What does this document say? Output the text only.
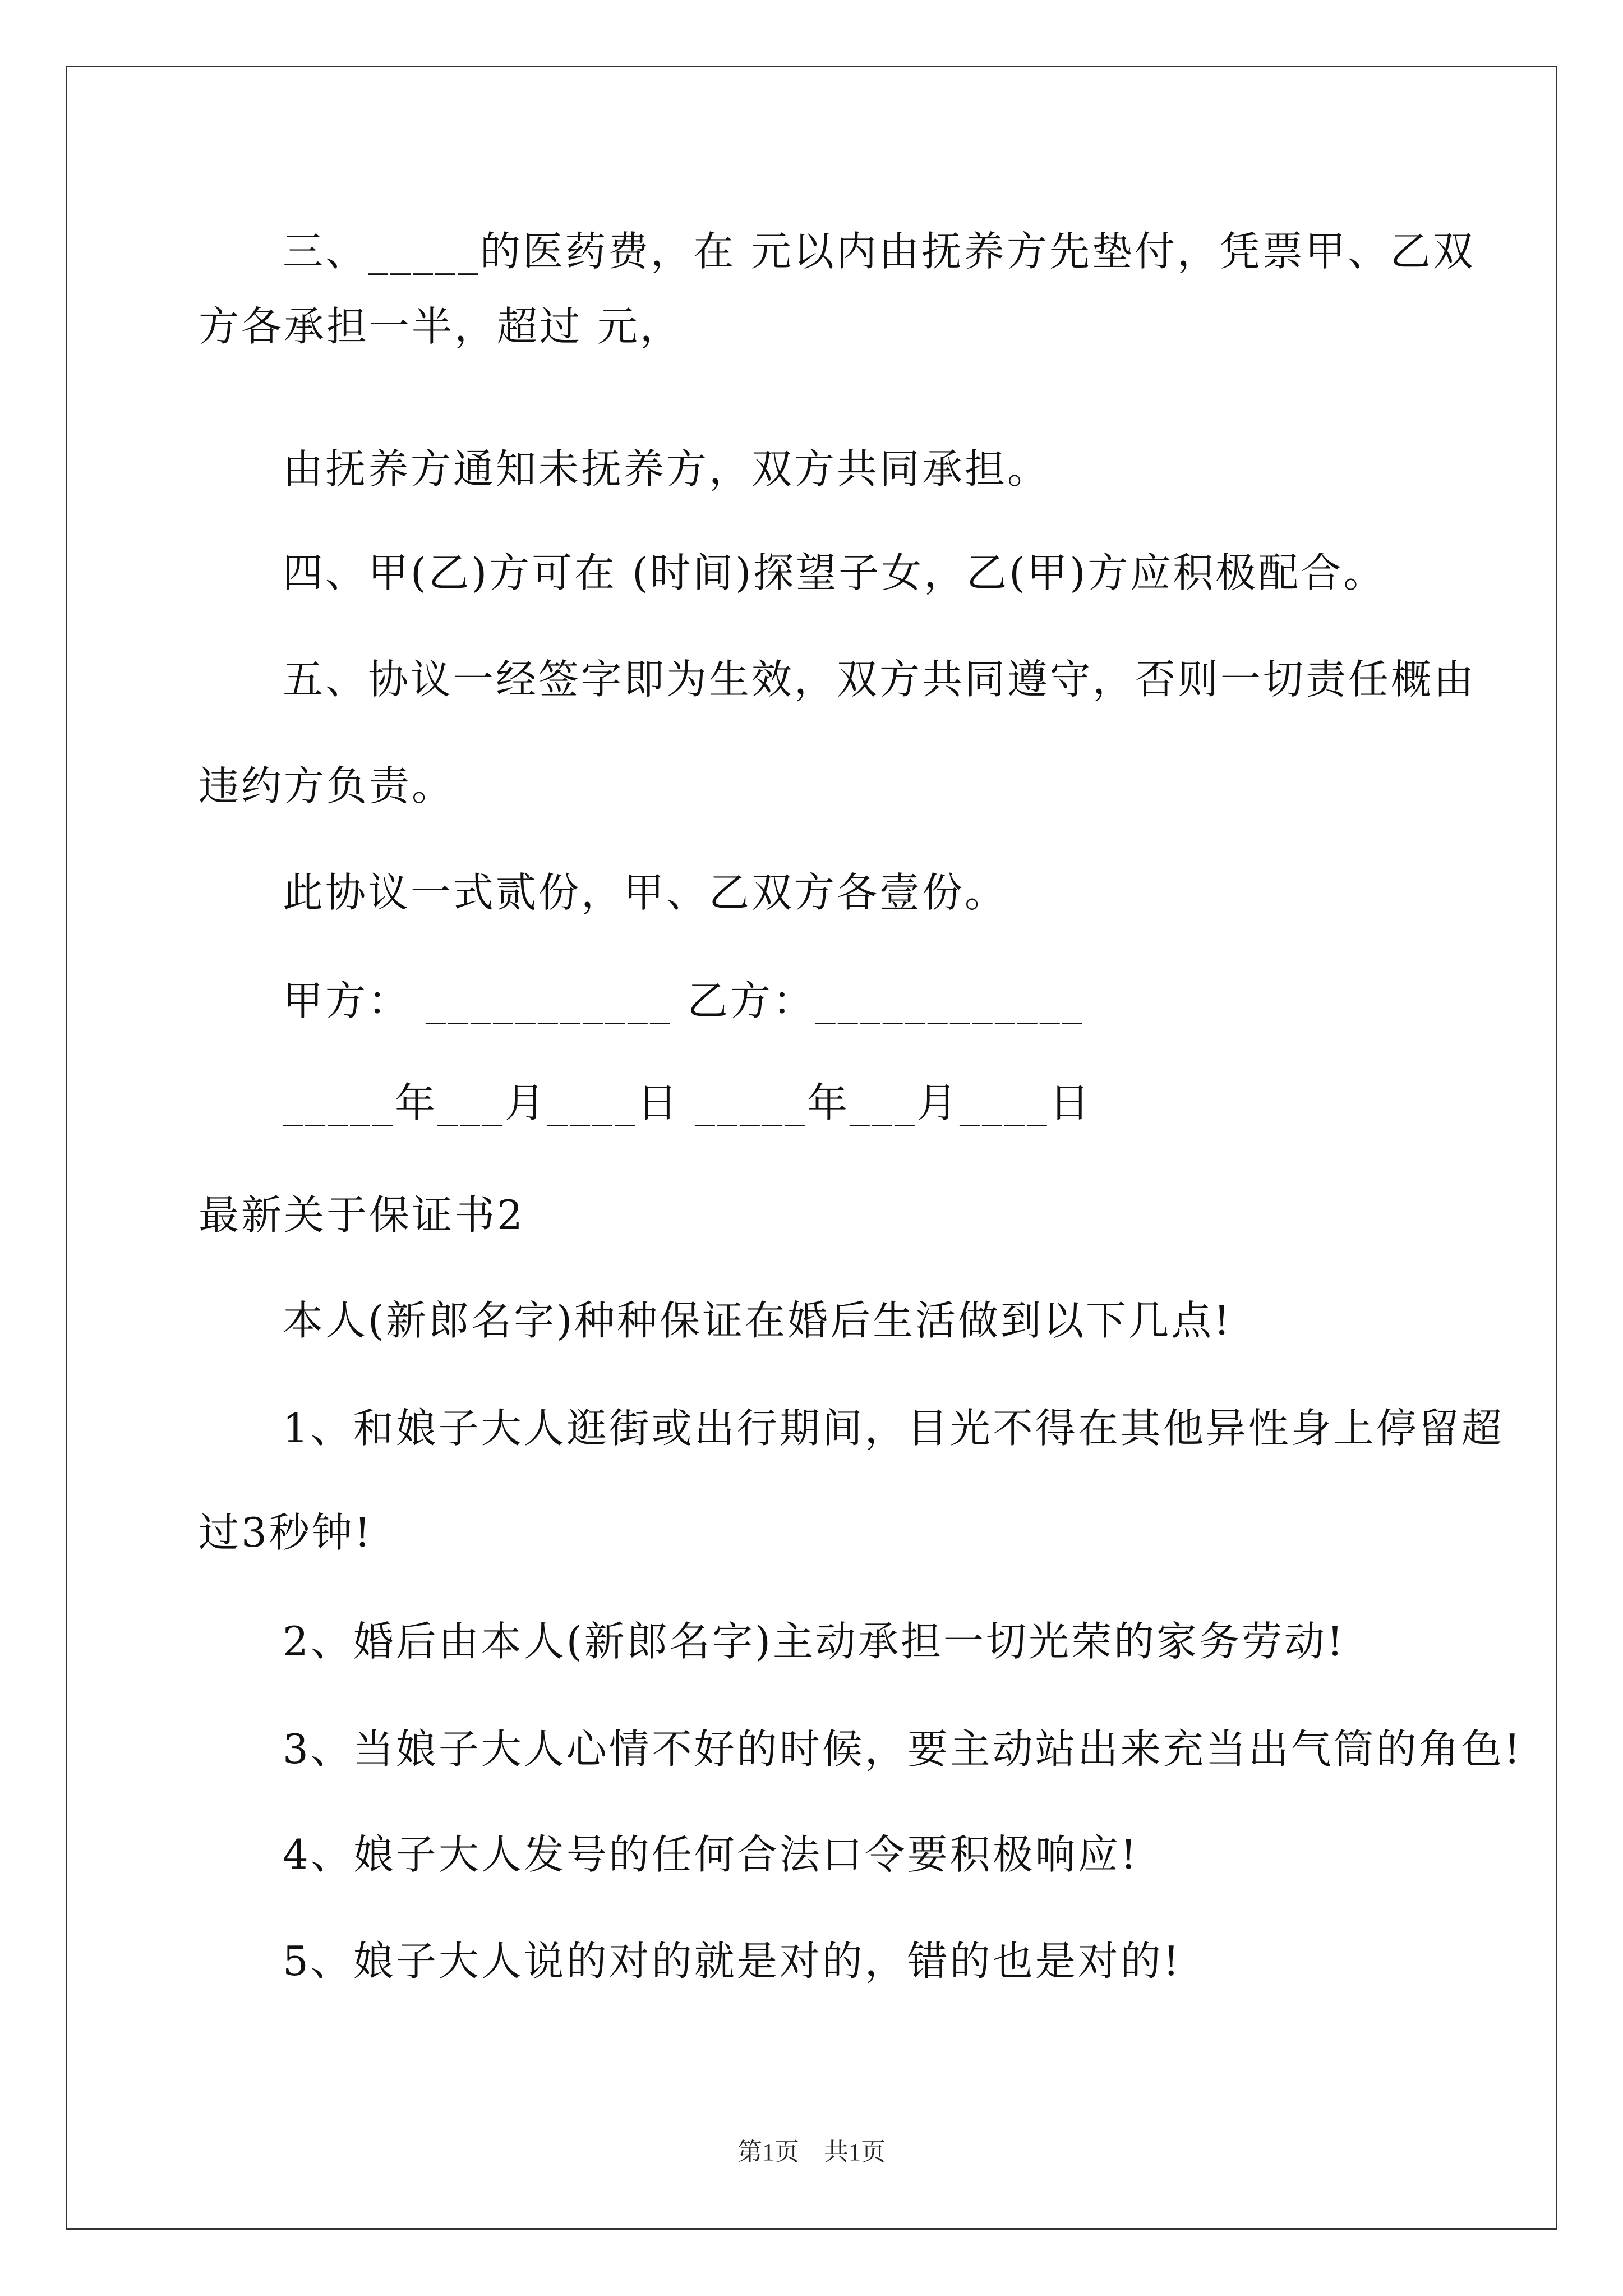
三、_____的医药费，在 元以内由抚养方先垫付，凭票甲、乙双
方各承担一半，超过 元，
由抚养方通知未抚养方，双方共同承担。
四、甲(乙)方可在 (时间)探望子女，乙(甲)方应积极配合。
五、协议一经签字即为生效，双方共同遵守，否则一切责任概由
违约方负责。
此协议一式贰份，甲、乙双方各壹份。
甲方： ___________ 乙方：____________
_____年___月____日 _____年___月____日
最新关于保证书2
本人(新郎名字)种种保证在婚后生活做到以下几点!
1、和娘子大人逛街或出行期间，目光不得在其他异性身上停留超
过3秒钟!
2、婚后由本人(新郎名字)主动承担一切光荣的家务劳动!
3、当娘子大人心情不好的时候，要主动站出来充当出气筒的角色!
4、娘子大人发号的任何合法口令要积极响应!
5、娘子大人说的对的就是对的，错的也是对的!
第1页　共1页
